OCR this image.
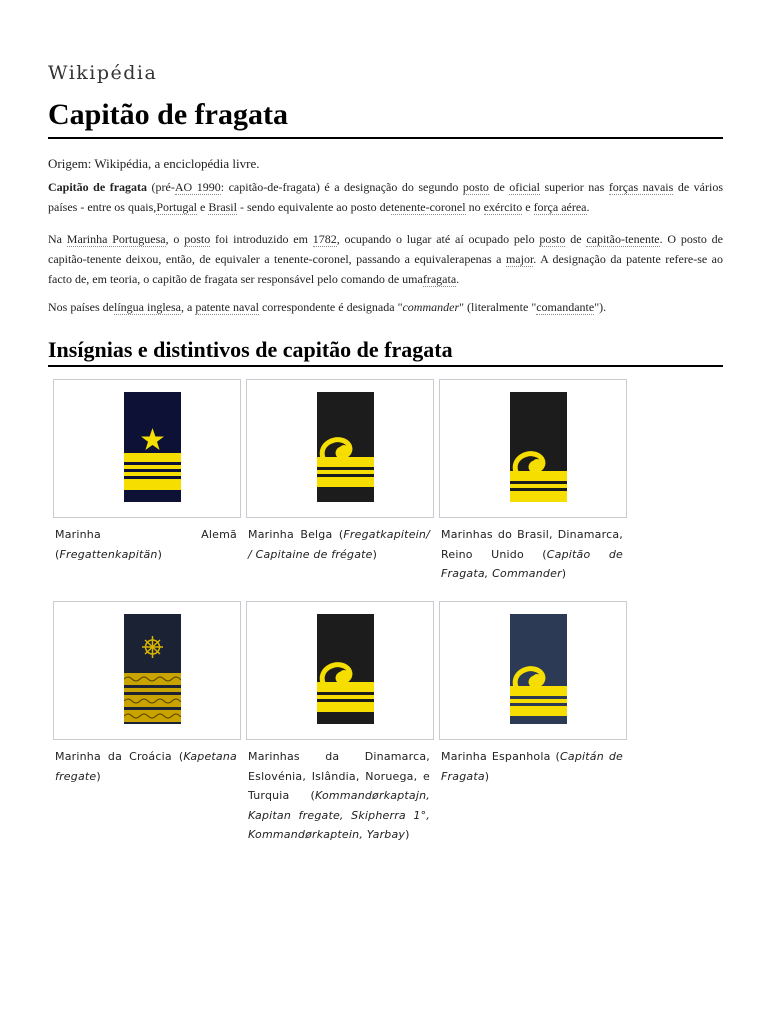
Wikipédia
Capitão de fragata

Origem: Wikipédia, a enciclopédia livre.

Capitão de fragata (pré-AO 1990: capitão-de-fragata) é a designação do segundo posto de oficial superior nas forças navais de vários países - entre os quais,Portugal e Brasil - sendo equivalente ao posto detenente-coronel no exército e força aérea.

Na Marinha Portuguesa, o posto foi introduzido em 1782, ocupando o lugar até aí ocupado pelo posto de capitão-tenente. O posto de capitão-tenente deixou, então, de equivaler a tenente-coronel, passando a equivalerapenas a major. A designação da patente refere-se ao facto de, em teoria, o capitão de fragata ser responsável pelo comando de umafragata.

Nos países delíngua inglesa, a patente naval correspondente é designada "commander" (literalmente "comandante").

Insígnias e distintivos de capitão de fragata
Marinha Alemã (Fregattenkapitän)
Marinha Belga (Fregatkapitein/ / Capitaine de frégate)
Marinhas do Brasil, Dinamarca, Reino Unido (Capitão de Fragata, Commander)
Marinha da Croácia (Kapetana fregate)
Marinhas da Dinamarca, Eslovénia, Islândia, Noruega, e Turquia (Kommandørkaptajn, Kapitan fregate, Skipherra 1°, Kommandørkaptein, Yarbay)
Marinha Espanhola (Capitán de Fragata)
